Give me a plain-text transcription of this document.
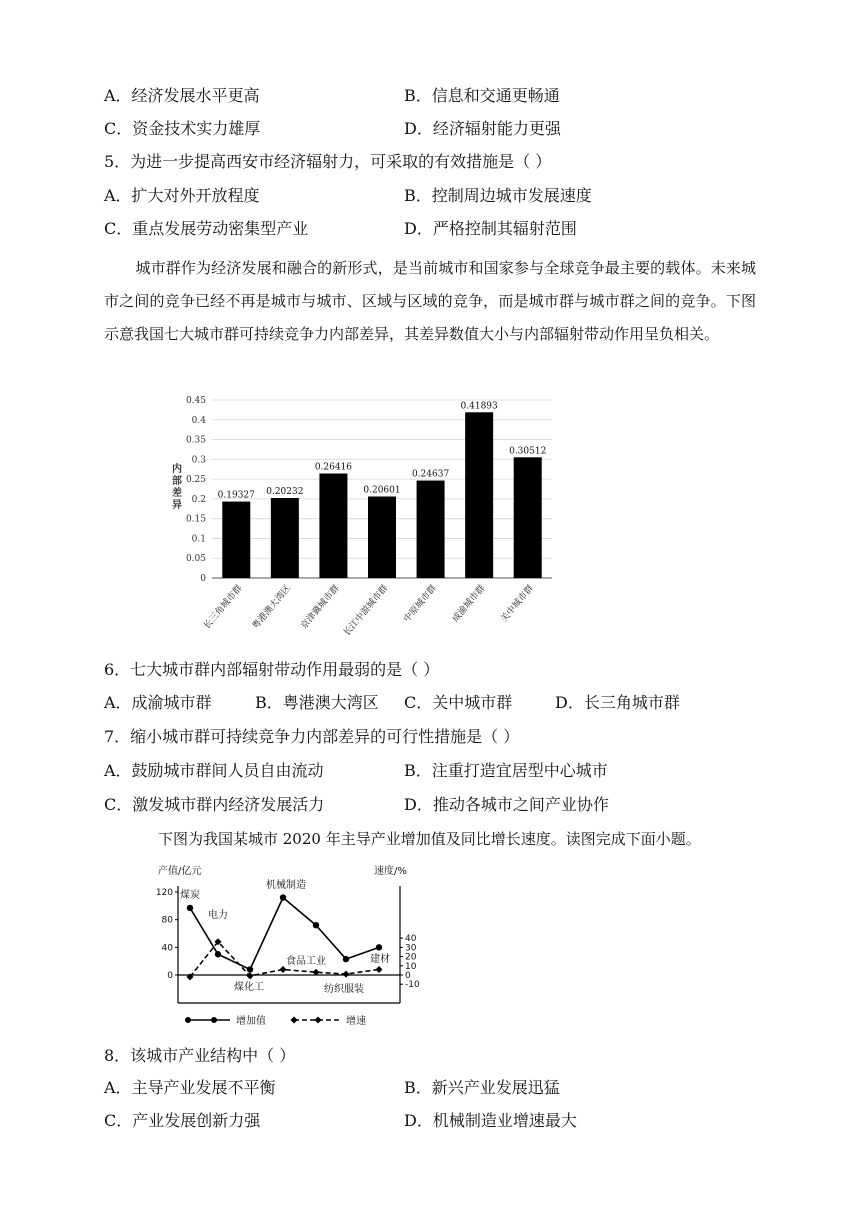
A．经济发展水平更高	B．信息和交通更畅通
C．资金技术实力雄厚	D．经济辐射能力更强
5．为进一步提高西安市经济辐射力，可采取的有效措施是（ ）
A．扩大对外开放程度	B．控制周边城市发展速度
C．重点发展劳动密集型产业	D．严格控制其辐射范围
城市群作为经济发展和融合的新形式，是当前城市和国家参与全球竞争最主要的载体。未来城市之间的竞争已经不再是城市与城市、区域与区域的竞争，而是城市群与城市群之间的竞争。下图示意我国七大城市群可持续竞争力内部差异，其差异数值大小与内部辐射带动作用呈负相关。
0.45
0.4
0.35
0.3
0.25
0.2
0.15
0.1
0.05
0
内部差异
0.19327 0.20232
0.26416
0.20601
0.24637
0.41893
0.30512
长三角城市群 粤港澳大湾区 京津冀城市群 长江中游城市群 中原城市群 成渝城市群 关中城市群
6．七大城市群内部辐射带动作用最弱的是（ ）
A．成渝城市群	B．粤港澳大湾区 C．关中城市群	D．长三角城市群
7．缩小城市群可持续竞争力内部差异的可行性措施是（ ）
A．鼓励城市群间人员自由流动	B．注重打造宜居型中心城市
C．激发城市群内经济发展活力	D．推动各城市之间产业协作
下图为我国某城市 2020 年主导产业增加值及同比增长速度。读图完成下面小题。
产值/亿元	速度/%
120
80
40
0
40
30
20
10
0
-10
煤炭
电力
煤化工
机械制造
食品工业
纺织服装
建材
增加值	增速
8．该城市产业结构中（ ）
A．主导产业发展不平衡	B．新兴产业发展迅猛
C．产业发展创新力强	D．机械制造业增速最大
